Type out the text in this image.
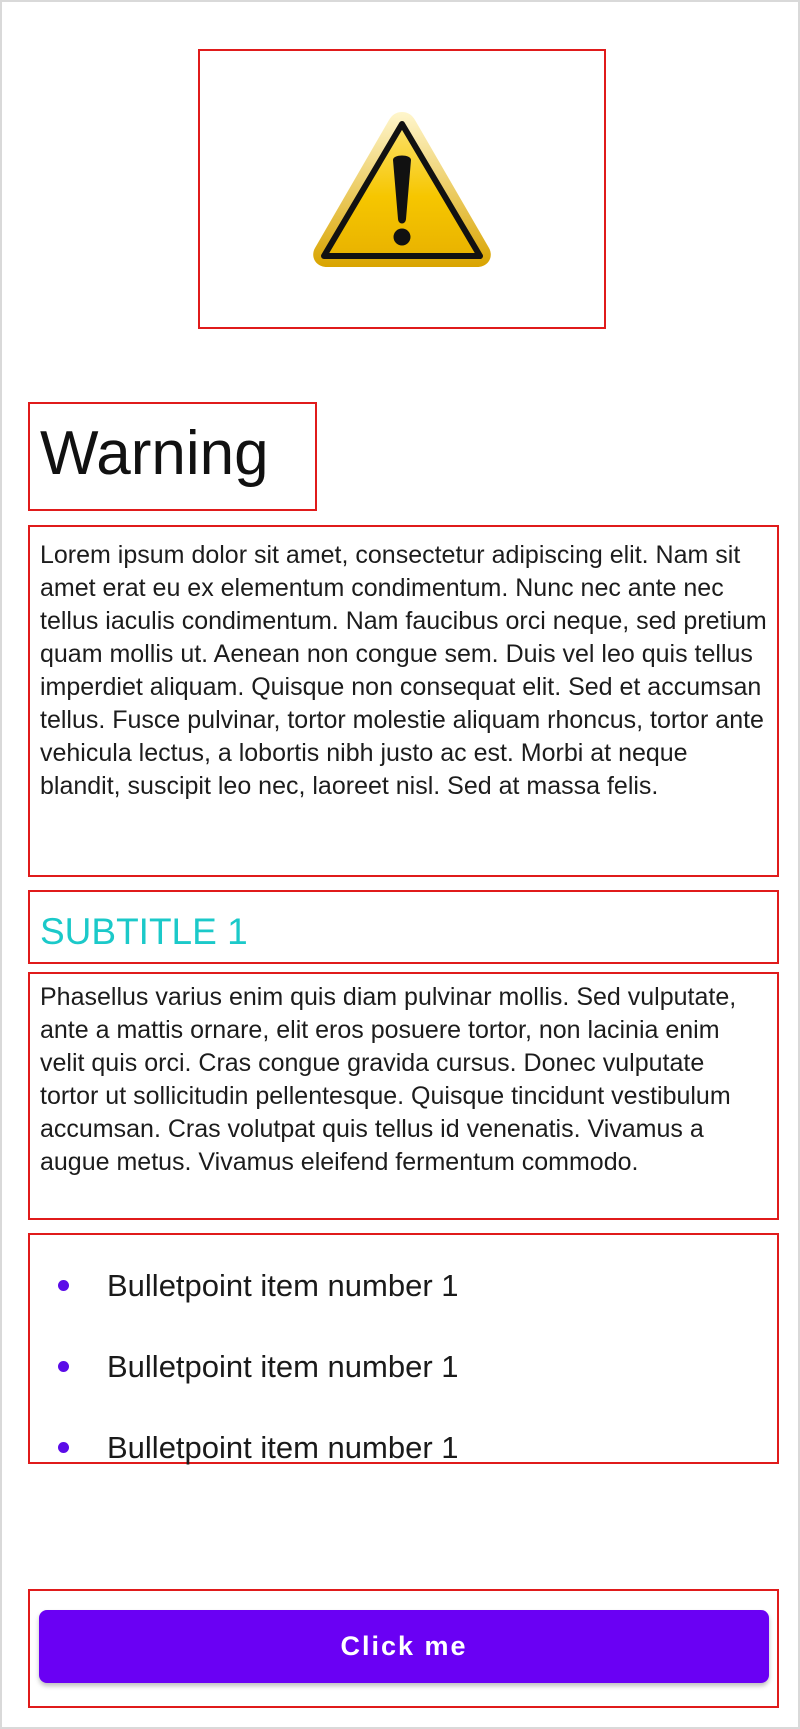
Warning

Lorem ipsum dolor sit amet, consectetur adipiscing elit. Nam sit amet erat eu ex elementum condimentum. Nunc nec ante nec tellus iaculis condimentum. Nam faucibus orci neque, sed pretium quam mollis ut. Aenean non congue sem. Duis vel leo quis tellus imperdiet aliquam. Quisque non consequat elit. Sed et accumsan tellus. Fusce pulvinar, tortor molestie aliquam rhoncus, tortor ante vehicula lectus, a lobortis nibh justo ac est. Morbi at neque blandit, suscipit leo nec, laoreet nisl. Sed at massa felis.

SUBTITLE 1

Phasellus varius enim quis diam pulvinar mollis. Sed vulputate, ante a mattis ornare, elit eros posuere tortor, non lacinia enim velit quis orci. Cras congue gravida cursus. Donec vulputate tortor ut sollicitudin pellentesque. Quisque tincidunt vestibulum accumsan. Cras volutpat quis tellus id venenatis. Vivamus a augue metus. Vivamus eleifend fermentum commodo.

Bulletpoint item number 1
Bulletpoint item number 1
Bulletpoint item number 1
Click me
